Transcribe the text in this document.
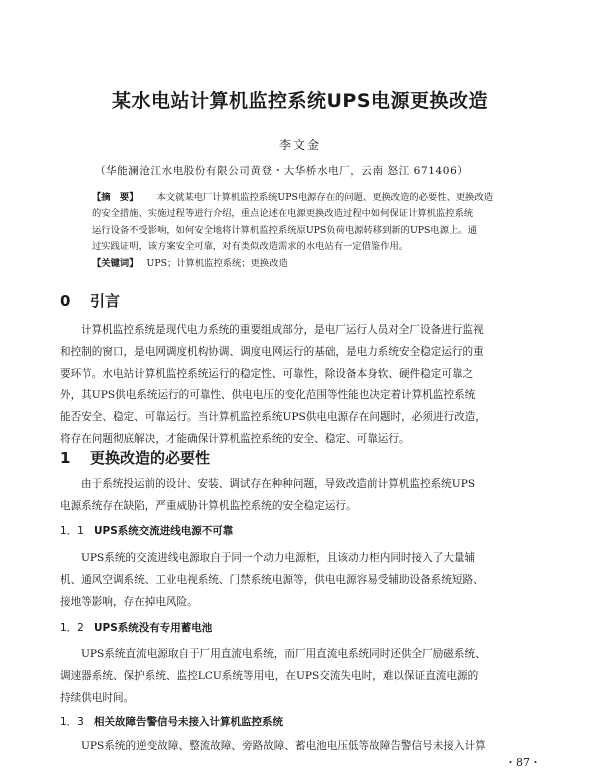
某水电站计算机监控系统UPS电源更换改造
李文金
（华能澜沧江水电股份有限公司黄登・大华桥水电厂，云南 怒江 671406）
【摘　要】 本文就某电厂计算机监控系统UPS电源存在的问题、更换改造的必要性、更换改造
的安全措施、实施过程等进行介绍，重点论述在电源更换改造过程中如何保证计算机监控系统
运行设备不受影响，如何安全地将计算机监控系统原UPS负荷电源转移到新的UPS电源上。通
过实践证明，该方案安全可靠，对有类似改造需求的水电站有一定借鉴作用。
【关键词】 UPS；计算机监控系统；更换改造
0 引言
计算机监控系统是现代电力系统的重要组成部分，是电厂运行人员对全厂设备进行监视
和控制的窗口，是电网调度机构协调、调度电网运行的基础，是电力系统安全稳定运行的重
要环节。水电站计算机监控系统运行的稳定性、可靠性，除设备本身软、硬件稳定可靠之
外，其UPS供电系统运行的可靠性、供电电压的变化范围等性能也决定着计算机监控系统
能否安全、稳定、可靠运行。当计算机监控系统UPS供电电源存在问题时，必须进行改造，
将存在问题彻底解决，才能确保计算机监控系统的安全、稳定、可靠运行。
1 更换改造的必要性
由于系统投运前的设计、安装、调试存在种种问题，导致改造前计算机监控系统UPS
电源系统存在缺陷，严重威胁计算机监控系统的安全稳定运行。
1．1 UPS系统交流进线电源不可靠
UPS系统的交流进线电源取自于同一个动力电源柜，且该动力柜内同时接入了大量辅
机、通风空调系统、工业电视系统、门禁系统电源等，供电电源容易受辅助设备系统短路、
接地等影响，存在掉电风险。
1．2 UPS系统没有专用蓄电池
UPS系统直流电源取自于厂用直流电系统，而厂用直流电系统同时还供全厂励磁系统、
调速器系统、保护系统、监控LCU系统等用电，在UPS交流失电时，难以保证直流电源的
持续供电时间。
1．3 相关故障告警信号未接入计算机监控系统
UPS系统的逆变故障、整流故障、旁路故障、蓄电池电压低等故障告警信号未接入计算
・87・
